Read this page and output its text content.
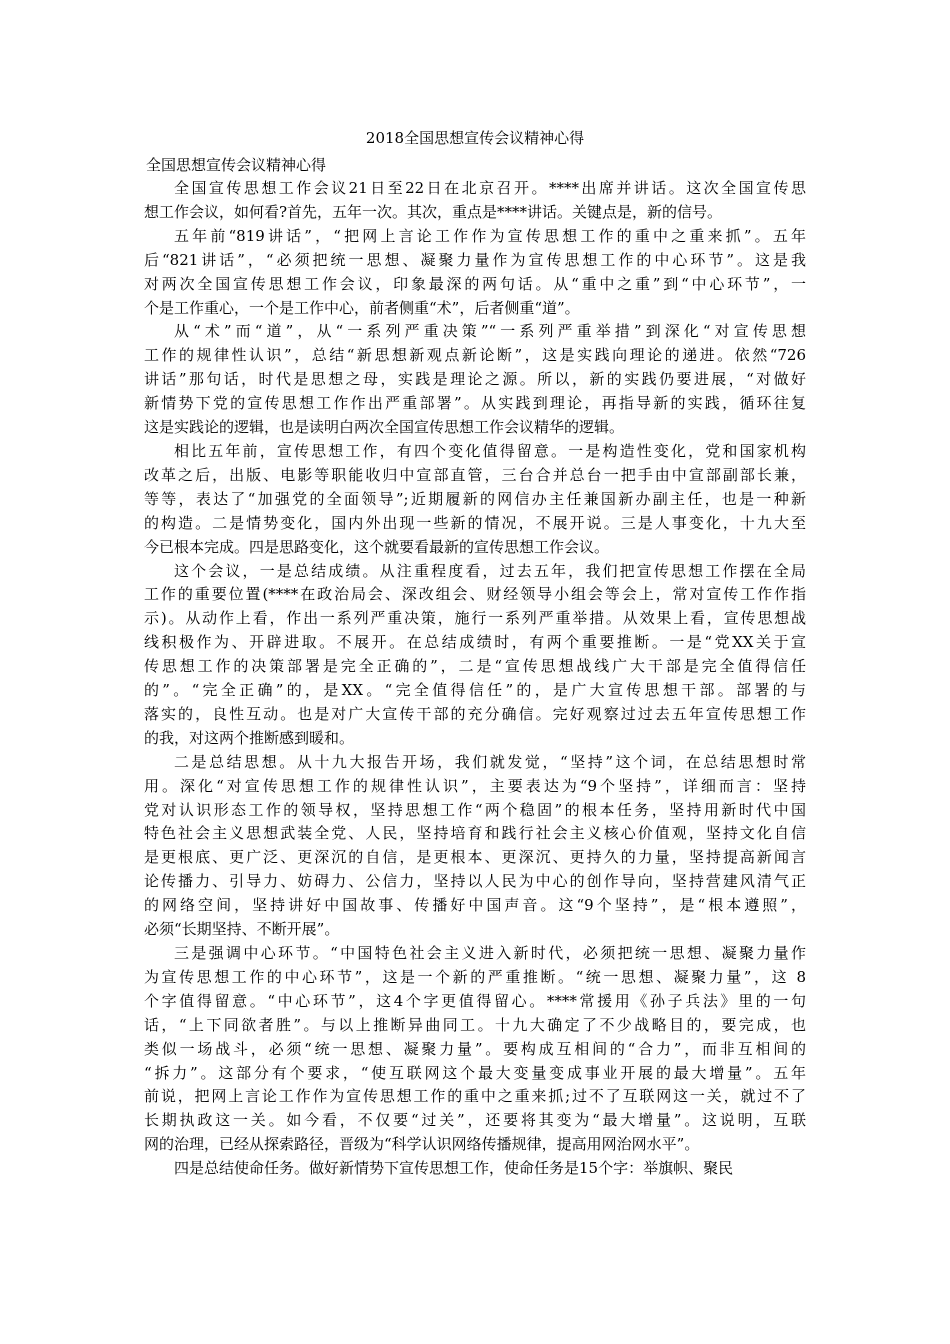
2018全国思想宣传会议精神心得
全国思想宣传会议精神心得
全国宣传思想工作会议21日至22日在北京召开。****出席并讲话。这次全国宣传思
想工作会议，如何看?首先，五年一次。其次，重点是****讲话。关键点是，新的信号。
五年前“819讲话”，“把网上言论工作作为宣传思想工作的重中之重来抓”。五年
后“821讲话”，“必须把统一思想、凝聚力量作为宣传思想工作的中心环节”。这是我
对两次全国宣传思想工作会议，印象最深的两句话。从“重中之重”到“中心环节”，一
个是工作重心，一个是工作中心，前者侧重“术”，后者侧重“道”。
从“术”而“道”，从“一系列严重决策”“一系列严重举措”到深化“对宣传思想
工作的规律性认识”，总结“新思想新观点新论断”，这是实践向理论的递进。依然“726
讲话”那句话，时代是思想之母，实践是理论之源。所以，新的实践仍要进展，“对做好
新情势下党的宣传思想工作作出严重部署”。从实践到理论，再指导新的实践，循环往复
这是实践论的逻辑，也是读明白两次全国宣传思想工作会议精华的逻辑。
相比五年前，宣传思想工作，有四个变化值得留意。一是构造性变化，党和国家机构
改革之后，出版、电影等职能收归中宣部直管，三台合并总台一把手由中宣部副部长兼，
等等，表达了“加强党的全面领导”;近期履新的网信办主任兼国新办副主任，也是一种新
的构造。二是情势变化，国内外出现一些新的情况，不展开说。三是人事变化，十九大至
今已根本完成。四是思路变化，这个就要看最新的宣传思想工作会议。
这个会议，一是总结成绩。从注重程度看，过去五年，我们把宣传思想工作摆在全局
工作的重要位置(****在政治局会、深改组会、财经领导小组会等会上，常对宣传工作作指
示)。从动作上看，作出一系列严重决策，施行一系列严重举措。从效果上看，宣传思想战
线积极作为、开辟进取。不展开。在总结成绩时，有两个重要推断。一是“党XX关于宣
传思想工作的决策部署是完全正确的”，二是“宣传思想战线广大干部是完全值得信任
的”。“完全正确”的，是XX。“完全值得信任”的，是广大宣传思想干部。部署的与
落实的，良性互动。也是对广大宣传干部的充分确信。完好观察过过去五年宣传思想工作
的我，对这两个推断感到暖和。
二是总结思想。从十九大报告开场，我们就发觉，“坚持”这个词，在总结思想时常
用。深化“对宣传思想工作的规律性认识”，主要表达为“9个坚持”，详细而言：坚持
党对认识形态工作的领导权，坚持思想工作“两个稳固”的根本任务，坚持用新时代中国
特色社会主义思想武装全党、人民，坚持培育和践行社会主义核心价值观，坚持文化自信
是更根底、更广泛、更深沉的自信，是更根本、更深沉、更持久的力量，坚持提高新闻言
论传播力、引导力、妨碍力、公信力，坚持以人民为中心的创作导向，坚持营建风清气正
的网络空间，坚持讲好中国故事、传播好中国声音。这“9个坚持”，是“根本遵照”，
必须“长期坚持、不断开展”。
三是强调中心环节。“中国特色社会主义进入新时代，必须把统一思想、凝聚力量作
为宣传思想工作的中心环节”，这是一个新的严重推断。“统一思想、凝聚力量”，这 8
个字值得留意。“中心环节”，这4个字更值得留心。****常援用《孙子兵法》里的一句
话，“上下同欲者胜”。与以上推断异曲同工。十九大确定了不少战略目的，要完成，也
类似一场战斗，必须“统一思想、凝聚力量”。要构成互相间的“合力”，而非互相间的
“拆力”。这部分有个要求，“使互联网这个最大变量变成事业开展的最大增量”。五年
前说，把网上言论工作作为宣传思想工作的重中之重来抓;过不了互联网这一关，就过不了
长期执政这一关。如今看，不仅要“过关”，还要将其变为“最大增量”。这说明，互联
网的治理，已经从探索路径，晋级为“科学认识网络传播规律，提高用网治网水平”。
四是总结使命任务。做好新情势下宣传思想工作，使命任务是15个字：举旗帜、聚民
